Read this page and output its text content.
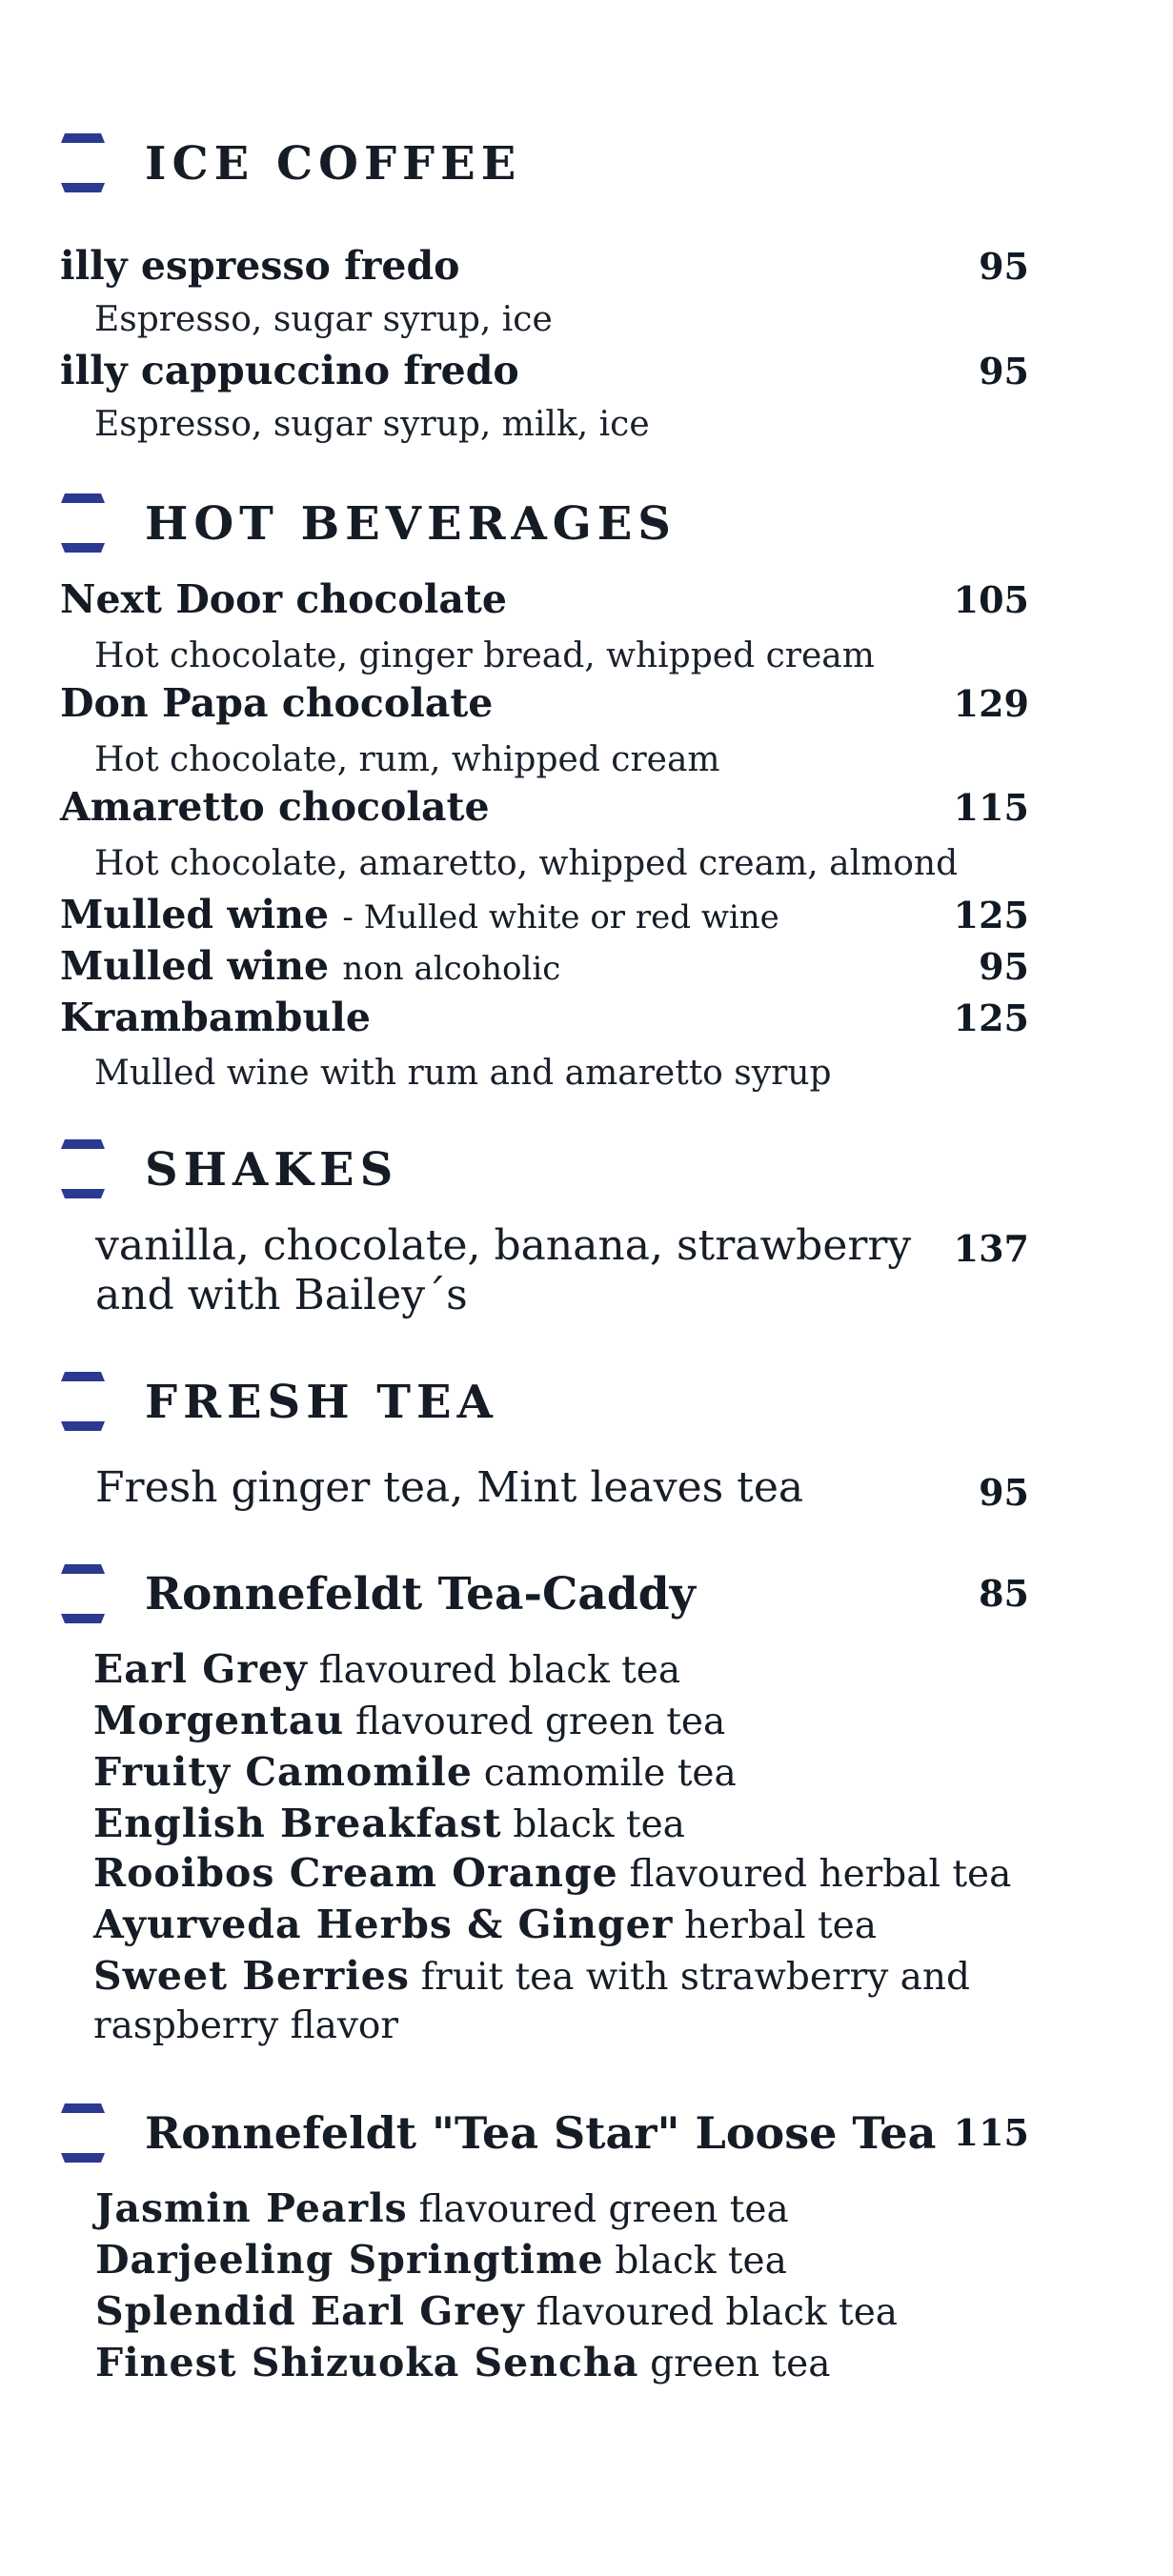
ICE COFFEE
illy espresso fredo	95
Espresso, sugar syrup, ice
illy cappuccino fredo	95
Espresso, sugar syrup, milk, ice
HOT BEVERAGES
Next Door chocolate	105
Hot chocolate, ginger bread, whipped cream
Don Papa chocolate	129
Hot chocolate, rum, whipped cream
Amaretto chocolate	115
Hot chocolate, amaretto, whipped cream, almond
Mulled wine - Mulled white or red wine	125
Mulled wine non alcoholic	95
Krambambule	125
Mulled wine with rum and amaretto syrup
SHAKES
vanilla, chocolate, banana, strawberry	137
and with Bailey´s
FRESH TEA
Fresh ginger tea, Mint leaves tea	95
Ronnefeldt Tea-Caddy	85
Earl Grey flavoured black tea
Morgentau flavoured green tea
Fruity Camomile camomile tea
English Breakfast black tea
Rooibos Cream Orange flavoured herbal tea
Ayurveda Herbs & Ginger herbal tea
Sweet Berries fruit tea with strawberry and
raspberry flavor
Ronnefeldt "Tea Star" Loose Tea 115
Jasmin Pearls flavoured green tea
Darjeeling Springtime black tea
Splendid Earl Grey flavoured black tea
Finest Shizuoka Sencha green tea
